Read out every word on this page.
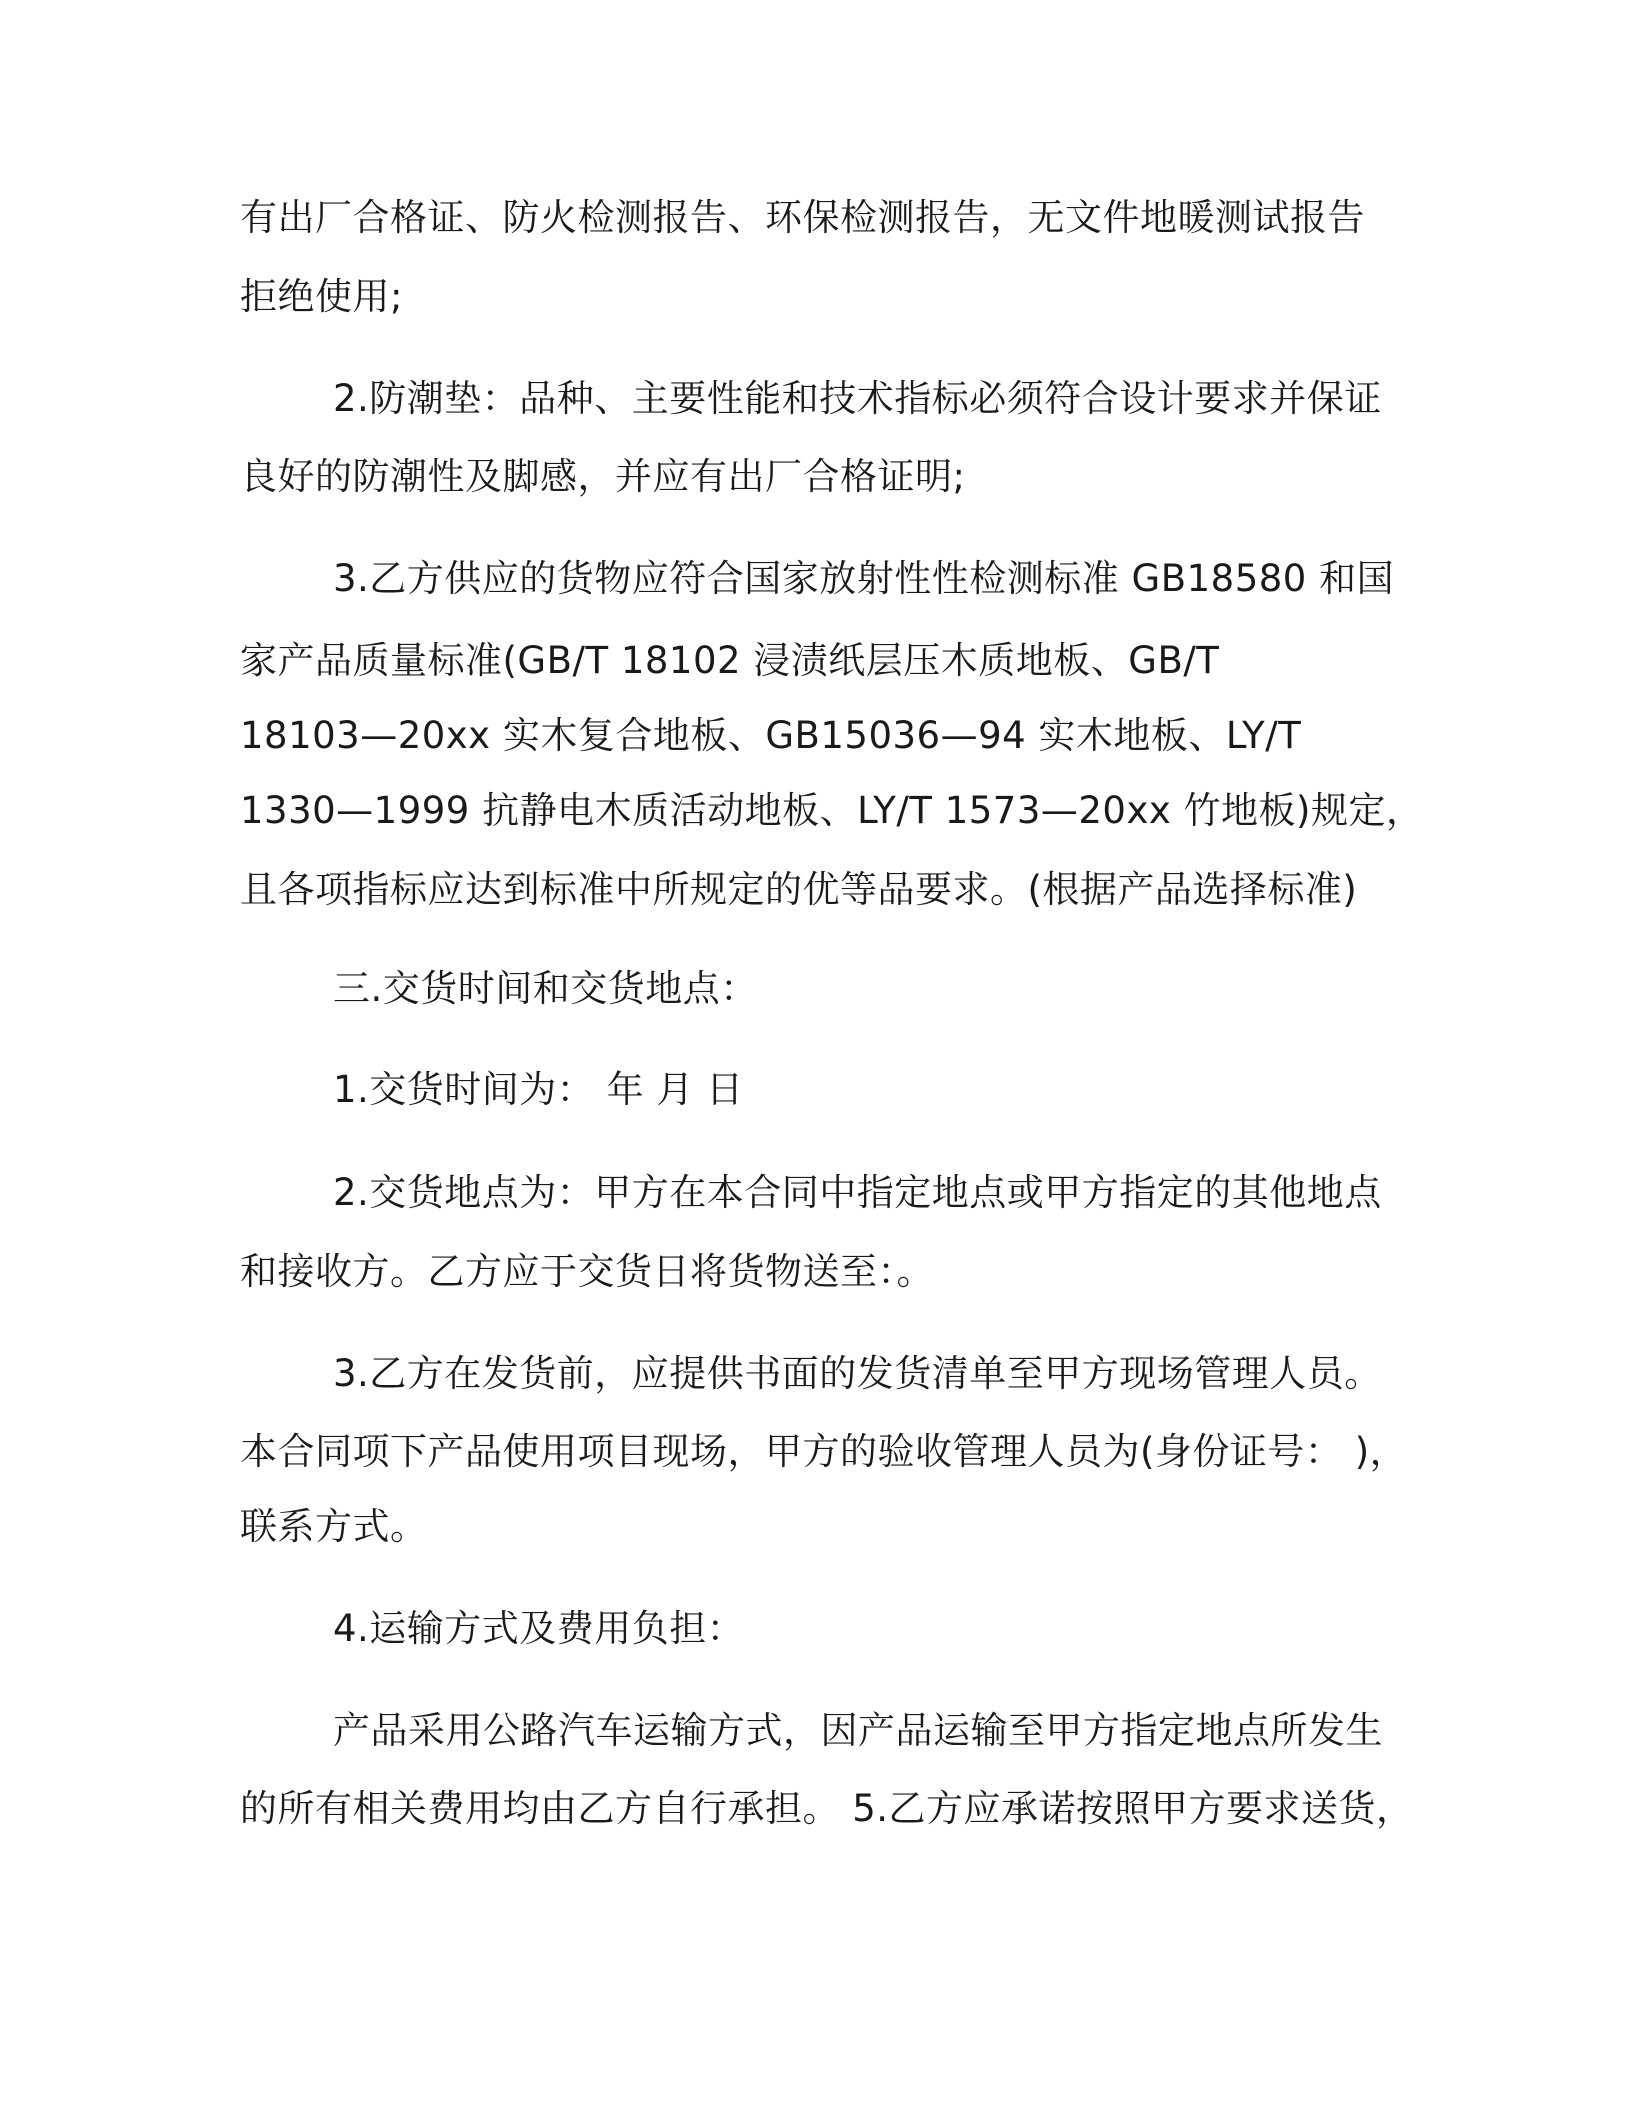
有出厂合格证、防火检测报告、环保检测报告，无文件地暖测试报告
拒绝使用;
2.防潮垫：品种、主要性能和技术指标必须符合设计要求并保证
良好的防潮性及脚感，并应有出厂合格证明;
3.乙方供应的货物应符合国家放射性性检测标准 GB18580 和国
家产品质量标准(GB/T 18102 浸渍纸层压木质地板、GB/T
18103—20xx 实木复合地板、GB15036—94 实木地板、LY/T
1330—1999 抗静电木质活动地板、LY/T 1573—20xx 竹地板)规定，
且各项指标应达到标准中所规定的优等品要求。(根据产品选择标准)
三.交货时间和交货地点：
1.交货时间为： 年 月 日
2.交货地点为：甲方在本合同中指定地点或甲方指定的其他地点
和接收方。乙方应于交货日将货物送至：。
3.乙方在发货前，应提供书面的发货清单至甲方现场管理人员。
本合同项下产品使用项目现场，甲方的验收管理人员为(身份证号： )，
联系方式。
4.运输方式及费用负担：
产品采用公路汽车运输方式，因产品运输至甲方指定地点所发生
的所有相关费用均由乙方自行承担。 5.乙方应承诺按照甲方要求送货，
